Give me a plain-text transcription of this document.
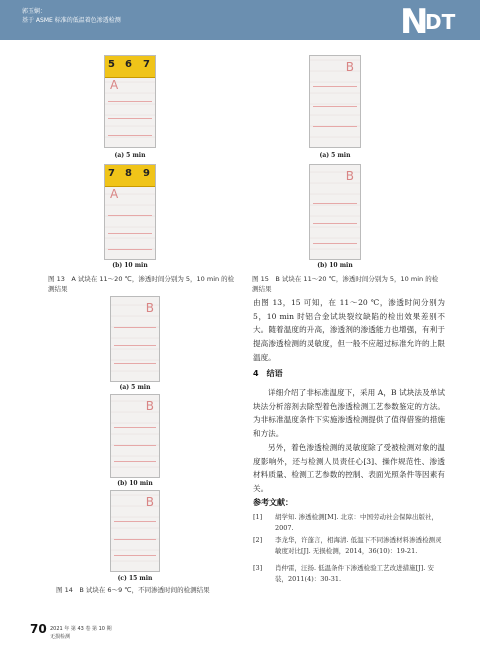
郭玉娴：
基于 ASME 标准的低温着色渗透检测	N
DT
5 6 7
A
(a) 5 min
7 8 9
A
(b) 10 min
图 13　A 试块在 11～20 ℃，渗透时间分别为 5，10 min 的检测结果
B
(a) 5 min
B
(b) 10 min
图 15　B 试块在 11～20 ℃，渗透时间分别为 5，10 min 的检测结果
B
(a) 5 min
B
(b) 10 min
B
(c) 15 min
图 14　B 试块在 6～9 ℃，不同渗透时间的检测结果
由图 13，15 可知，在 11～20 ℃，渗透时间分别为 5，10 min 时铝合金试块裂纹缺陷的检出效果差别不大。随着温度的升高，渗透剂的渗透能力也增强，有利于提高渗透检测的灵敏度，但一般不应超过标准允许的上限温度。
4　结语
详细介绍了非标准温度下，采用 A，B 试块法及单试块法分析溶剂去除型着色渗透检测工艺参数鉴定的方法。为非标准温度条件下实施渗透检测提供了值得借鉴的措施和方法。
另外，着色渗透检测的灵敏度除了受被检测对象的温度影响外，还与检测人员责任心[3]、操作规范性、渗透材料质量、检测工艺参数的控制、表面光照条件等因素有关。
参考文献：
[1]	胡学知. 渗透检测[M]. 北京：中国劳动社会保障出版社，2007.
[2]	李龙华，许蓬言，相海清. 低温下不同渗透材料渗透检测灵敏度对比[J]. 无损检测，2014，36(10)：19-21.
[3]	肖仲雷，汪扬. 低温条件下渗透检验工艺改进措施[J]. 安装，2011(4)：30-31.
70 2021 年 第 43 卷 第 10 期
无损检测
